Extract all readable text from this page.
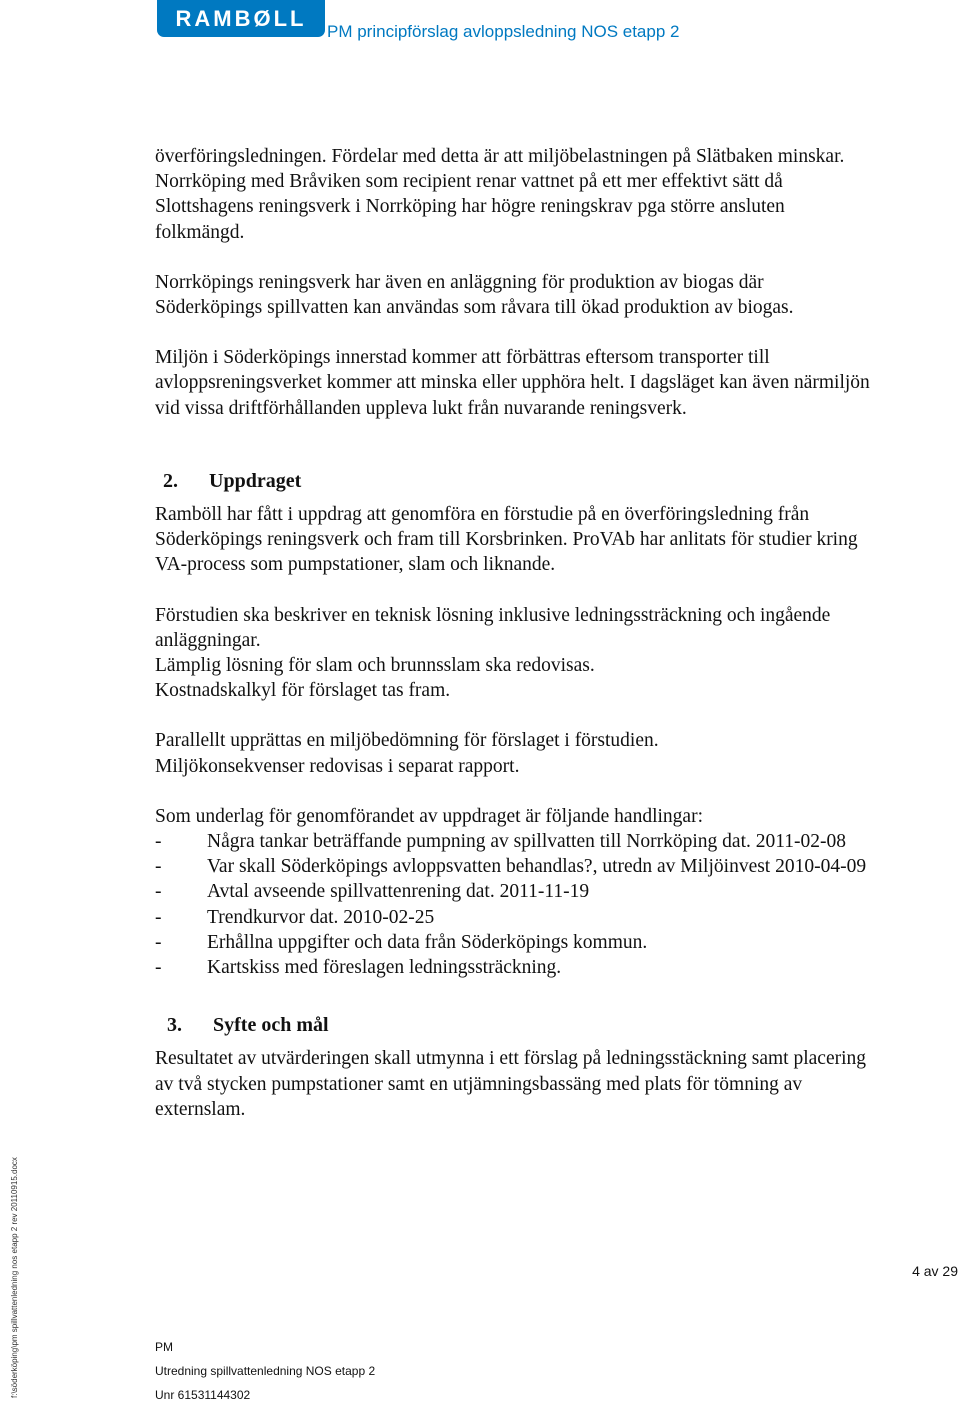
RAMBØLL
PM principförslag avloppsledning NOS etapp 2

överföringsledningen. Fördelar med detta är att miljöbelastningen på Slätbaken minskar. Norrköping med Bråviken som recipient renar vattnet på ett mer effektivt sätt då Slottshagens reningsverk i Norrköping har högre reningskrav pga större ansluten folkmängd.

Norrköpings reningsverk har även en anläggning för produktion av biogas där Söderköpings spillvatten kan användas som råvara till ökad produktion av biogas.

Miljön i Söderköpings innerstad kommer att förbättras eftersom transporter till avloppsreningsverket kommer att minska eller upphöra helt. I dagsläget kan även närmiljön vid vissa driftförhållanden uppleva lukt från nuvarande reningsverk.

2.	Uppdraget

Ramböll har fått i uppdrag att genomföra en förstudie på en överföringsledning från Söderköpings reningsverk och fram till Korsbrinken. ProVAb har anlitats för studier kring VA-process som pumpstationer, slam och liknande.

Förstudien ska beskriver en teknisk lösning inklusive ledningssträckning och ingående anläggningar.

Lämplig lösning för slam och brunnsslam ska redovisas.

Kostnadskalkyl för förslaget tas fram.

Parallellt upprättas en miljöbedömning för förslaget i förstudien.

Miljökonsekvenser redovisas i separat rapport.

Som underlag för genomförandet av uppdraget är följande handlingar:

-	Några tankar beträffande pumpning av spillvatten till Norrköping dat. 2011-02-08
-	Var skall Söderköpings avloppsvatten behandlas?, utredn av Miljöinvest 2010-04-09
-	Avtal avseende spillvattenrening dat. 2011-11-19
-	Trendkurvor dat. 2010-02-25
-	Erhållna uppgifter och data från Söderköpings kommun.
-	Kartskiss med föreslagen ledningssträckning.
3.	Syfte och mål

Resultatet av utvärderingen skall utmynna i ett förslag på ledningsstäckning samt placering av två stycken pumpstationer samt en utjämningsbassäng med plats för tömning av externslam.

4 av 29
PM
Utredning spillvattenledning NOS etapp 2
Unr 61531144302
f:\söderköping\pm spillvattenledning nos etapp 2 rev 20110915.docx
